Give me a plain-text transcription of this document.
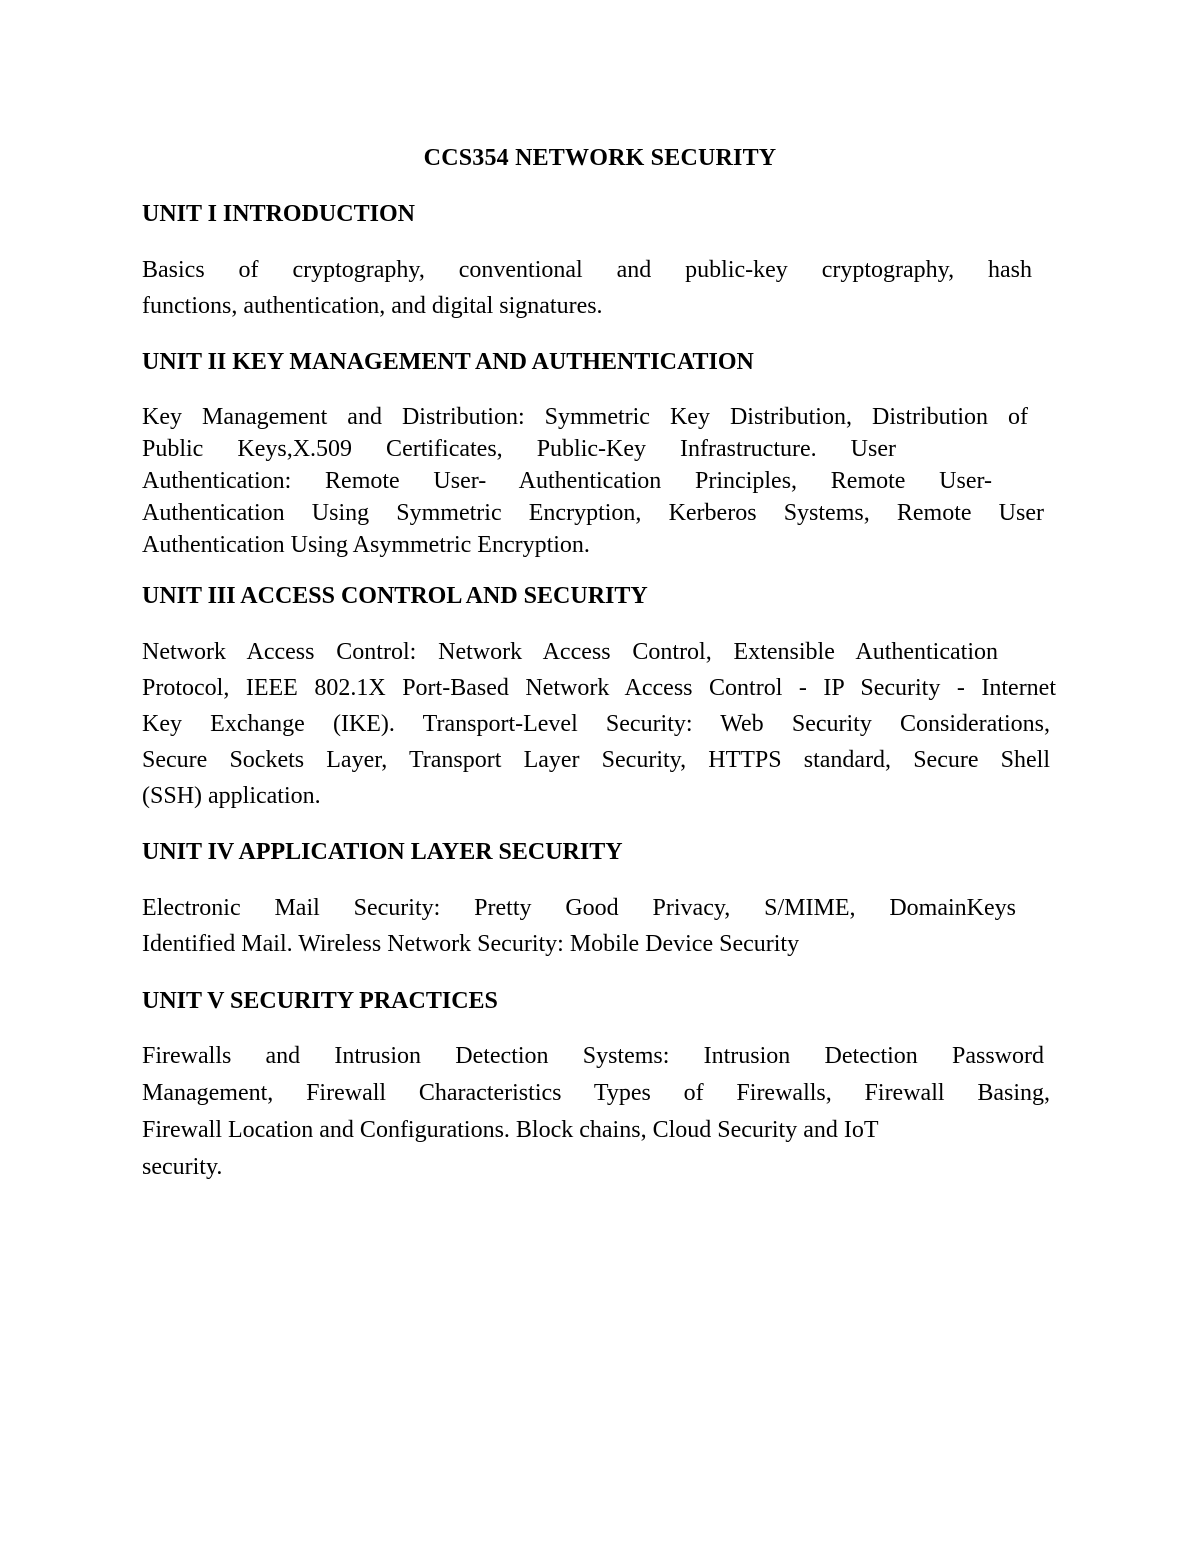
CCS354 NETWORK SECURITY
UNIT I INTRODUCTION
Basics of cryptography, conventional and public-key cryptography, hash
functions, authentication, and digital signatures.
UNIT II KEY MANAGEMENT AND AUTHENTICATION
Key Management and Distribution: Symmetric Key Distribution, Distribution of
Public Keys,X.509 Certificates, Public-Key Infrastructure. User
Authentication: Remote User- Authentication Principles, Remote User-
Authentication Using Symmetric Encryption, Kerberos Systems, Remote User
Authentication Using Asymmetric Encryption.
UNIT III ACCESS CONTROL AND SECURITY
Network Access Control: Network Access Control, Extensible Authentication
Protocol, IEEE 802.1X Port-Based Network Access Control - IP Security - Internet
Key Exchange (IKE). Transport-Level Security: Web Security Considerations,
Secure Sockets Layer, Transport Layer Security, HTTPS standard, Secure Shell
(SSH) application.
UNIT IV APPLICATION LAYER SECURITY
Electronic Mail Security: Pretty Good Privacy, S/MIME, DomainKeys
Identified Mail. Wireless Network Security: Mobile Device Security
UNIT V SECURITY PRACTICES
Firewalls and Intrusion Detection Systems: Intrusion Detection Password
Management, Firewall Characteristics Types of Firewalls, Firewall Basing,
Firewall Location and Configurations. Block chains, Cloud Security and IoT
security.
